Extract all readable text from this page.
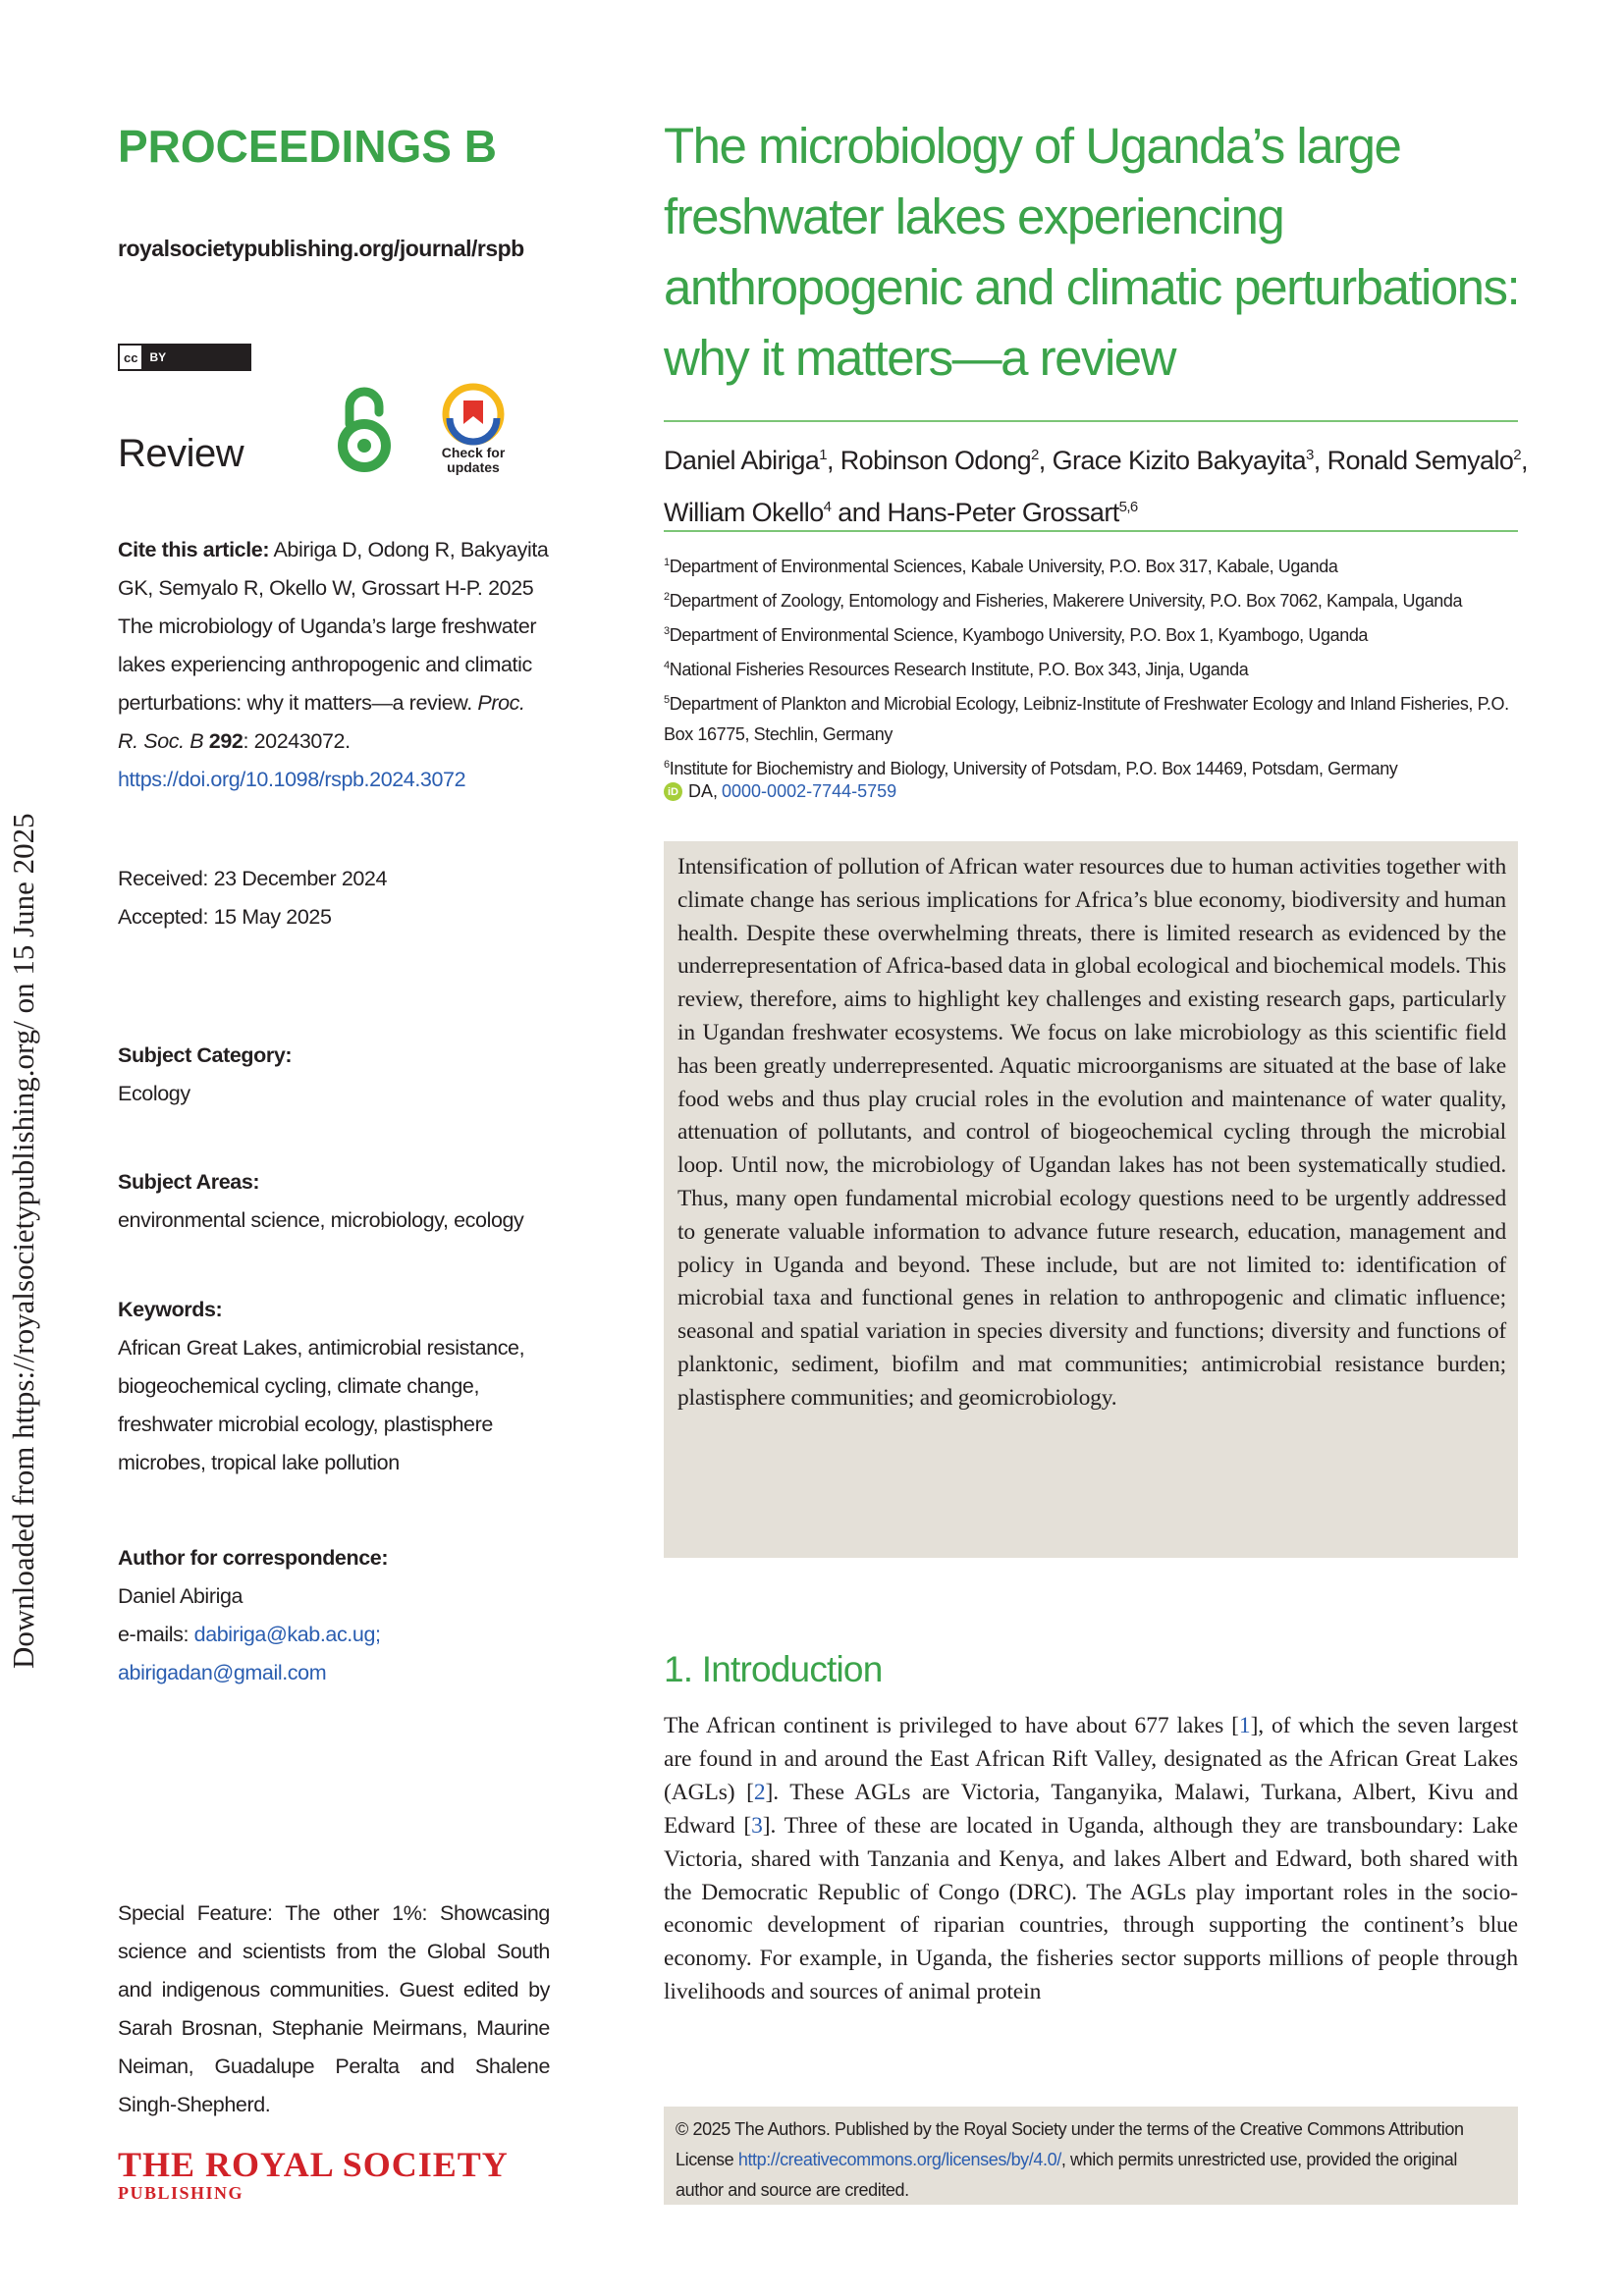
Downloaded from https://royalsocietypublishing.org/ on 15 June 2025
PROCEEDINGS B
royalsocietypublishing.org/journal/rspb
cc	BY
Review	Check for
updates
Cite this article: Abiriga D, Odong R, Bakyayita GK, Semyalo R, Okello W, Grossart H-P. 2025 The microbiology of Uganda’s large freshwater lakes experiencing anthropogenic and climatic perturbations: why it matters—a review. Proc. R. Soc. B 292: 20243072.
https://doi.org/10.1098/rspb.2024.3072
Received: 23 December 2024
Accepted: 15 May 2025
Subject Category:
Ecology
Subject Areas:
environmental science, microbiology, ecology
Keywords:
African Great Lakes, antimicrobial resistance, biogeochemical cycling, climate change, freshwater microbial ecology, plastisphere microbes, tropical lake pollution
Author for correspondence:
Daniel Abiriga
e-mails: dabiriga@kab.ac.ug;
abirigadan@gmail.com
Special Feature: The other 1%: Showcasing science and scientists from the Global South and indigenous communities. Guest edited by Sarah Brosnan, Stephanie Meirmans, Maurine Neiman, Guadalupe Peralta and Shalene Singh-Shepherd.
THE ROYAL SOCIETY
PUBLISHING
The microbiology of Uganda’s large freshwater lakes experiencing anthropogenic and climatic perturbations: why it matters—a review
Daniel Abiriga$^1$, Robinson Odong$^2$, Grace Kizito Bakyayita$^3$, Ronald Semyalo$^2$, William Okello$^4$ and Hans-Peter Grossart$^{5,6}$
$^1$Department of Environmental Sciences, Kabale University, P.O. Box 317, Kabale, Uganda
$^2$Department of Zoology, Entomology and Fisheries, Makerere University, P.O. Box 7062, Kampala, Uganda
$^3$Department of Environmental Science, Kyambogo University, P.O. Box 1, Kyambogo, Uganda
$^4$National Fisheries Resources Research Institute, P.O. Box 343, Jinja, Uganda
$^5$Department of Plankton and Microbial Ecology, Leibniz-Institute of Freshwater Ecology and Inland Fisheries, P.O. Box 16775, Stechlin, Germany
$^6$Institute for Biochemistry and Biology, University of Potsdam, P.O. Box 14469, Potsdam, Germany
iD DA, 0000-0002-7744-5759

Intensification of pollution of African water resources due to human activities together with climate change has serious implications for Africa’s blue economy, biodiversity and human health. Despite these overwhelming threats, there is limited research as evidenced by the underrepresentation of Africa-based data in global ecological and biochemical models. This review, therefore, aims to highlight key challenges and existing research gaps, particularly in Ugandan freshwater ecosystems. We focus on lake microbiology as this scientific field has been greatly underrepresented. Aquatic microorganisms are situated at the base of lake food webs and thus play crucial roles in the evolution and maintenance of water quality, attenuation of pollutants, and control of biogeochemical cycling through the microbial loop. Until now, the microbiology of Ugandan lakes has not been systematically studied. Thus, many open fundamental microbial ecology questions need to be urgently addressed to generate valuable information to advance future research, education, management and policy in Uganda and beyond. These include, but are not limited to: identification of microbial taxa and functional genes in relation to anthropogenic and climatic influence; seasonal and spatial variation in species diversity and functions; diversity and functions of planktonic, sediment, biofilm and mat communities; antimicrobial resistance burden; plastisphere communities; and geomicrobiology.

1. Introduction

The African continent is privileged to have about 677 lakes [1], of which the seven largest are found in and around the East African Rift Valley, designated as the African Great Lakes (AGLs) [2]. These AGLs are Victoria, Tanganyika, Malawi, Turkana, Albert, Kivu and Edward [3]. Three of these are located in Uganda, although they are transboundary: Lake Victoria, shared with Tanzania and Kenya, and lakes Albert and Edward, both shared with the Democratic Republic of Congo (DRC). The AGLs play important roles in the socio-economic development of riparian countries, through supporting the continent’s blue economy. For example, in Uganda, the fisheries sector supports millions of people through livelihoods and sources of animal protein

© 2025 The Authors. Published by the Royal Society under the terms of the Creative Commons Attribution License http://creativecommons.org/licenses/by/4.0/, which permits unrestricted use, provided the original author and source are credited.
